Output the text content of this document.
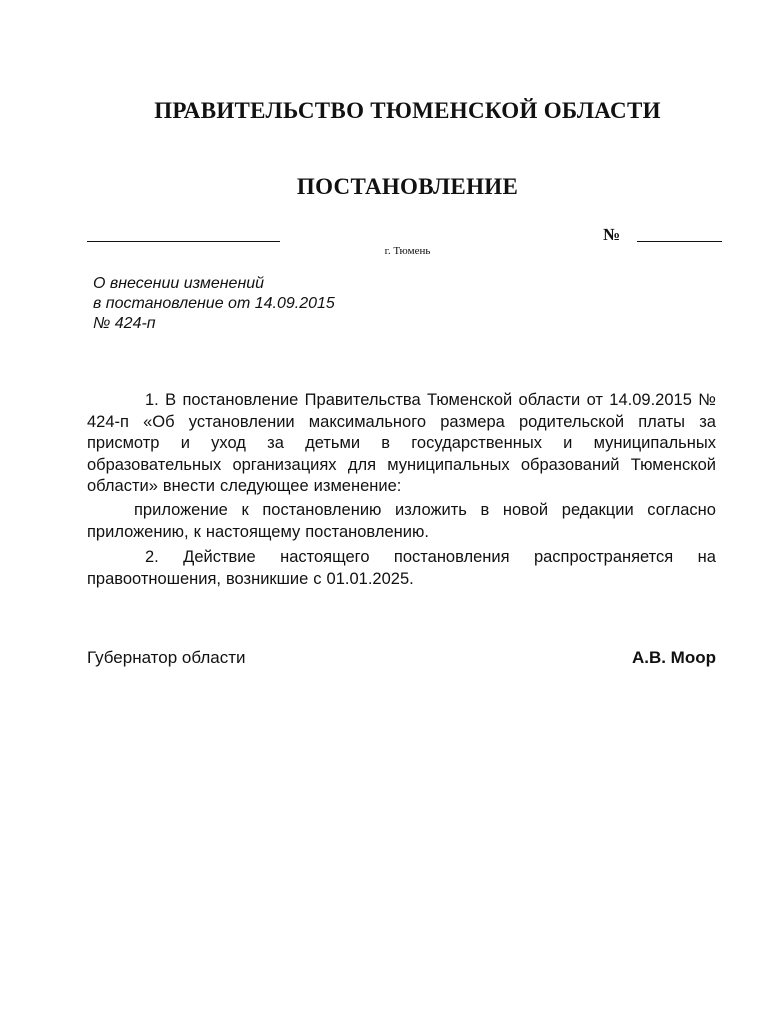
ПРАВИТЕЛЬСТВО ТЮМЕНСКОЙ ОБЛАСТИ
ПОСТАНОВЛЕНИЕ
№
г. Тюмень
О внесении изменений
в постановление от 14.09.2015
№ 424-п
1. В постановление Правительства Тюменской области от 14.09.2015 №
424-п «Об установлении максимального размера родительской платы за
присмотр и уход за детьми в государственных и муниципальных
образовательных организациях для муниципальных образований Тюменской
области» внести следующее изменение:
приложение к постановлению изложить в новой редакции согласно
приложению, к настоящему постановлению.
2. Действие настоящего постановления распространяется на
правоотношения, возникшие с 01.01.2025.
Губернатор области	А.В. Моор
